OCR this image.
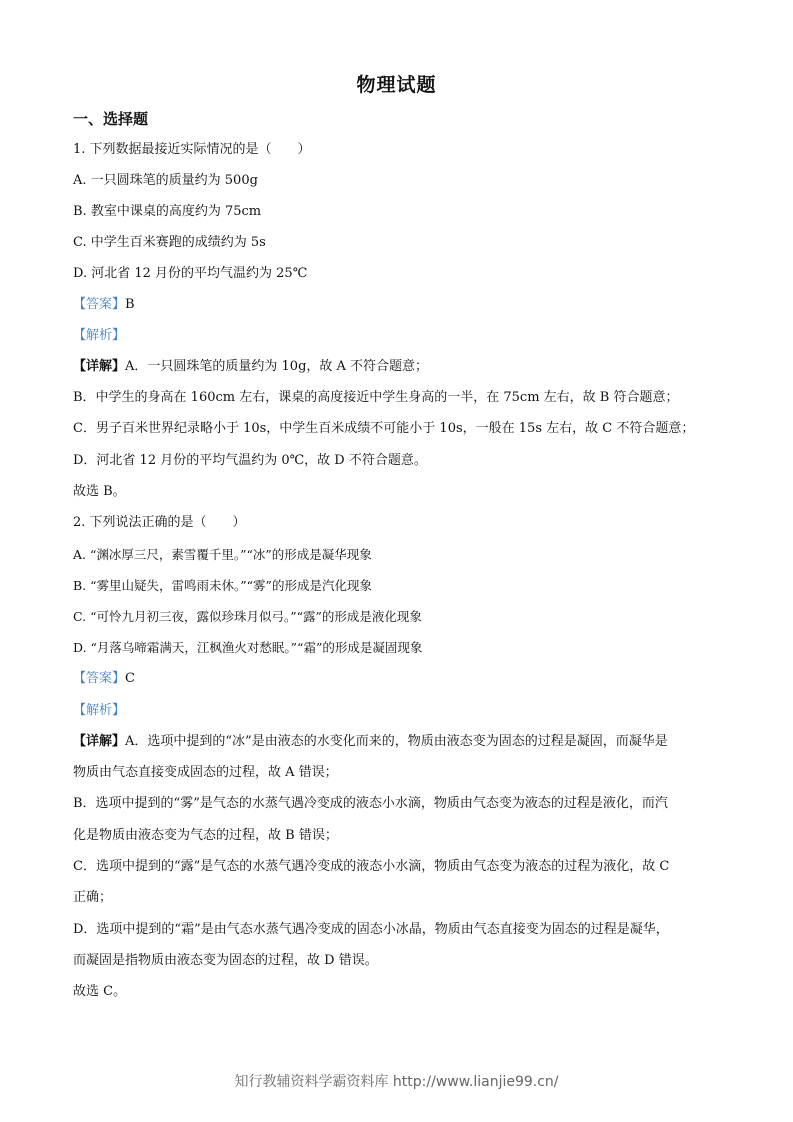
物理试题
一、选择题
1. 下列数据最接近实际情况的是（　　）
A. 一只圆珠笔的质量约为 500g
B. 教室中课桌的高度约为 75cm
C. 中学生百米赛跑的成绩约为 5s
D. 河北省 12 月份的平均气温约为 25℃
【答案】B
【解析】
【详解】A．一只圆珠笔的质量约为 10g，故 A 不符合题意；
B．中学生的身高在 160cm 左右，课桌的高度接近中学生身高的一半，在 75cm 左右，故 B 符合题意；
C．男子百米世界纪录略小于 10s，中学生百米成绩不可能小于 10s，一般在 15s 左右，故 C 不符合题意；
D．河北省 12 月份的平均气温约为 0℃，故 D 不符合题意。
故选 B。
2. 下列说法正确的是（　　）
A. “渊冰厚三尺，素雪覆千里。”“冰”的形成是凝华现象
B. “雾里山疑失，雷鸣雨未休。”“雾”的形成是汽化现象
C. “可怜九月初三夜，露似珍珠月似弓。”“露”的形成是液化现象
D. “月落乌啼霜满天，江枫渔火对愁眠。”“霜”的形成是凝固现象
【答案】C
【解析】
【详解】A．选项中提到的“冰”是由液态的水变化而来的，物质由液态变为固态的过程是凝固，而凝华是
物质由气态直接变成固态的过程，故 A 错误；
B．选项中提到的“雾”是气态的水蒸气遇冷变成的液态小水滴，物质由气态变为液态的过程是液化，而汽
化是物质由液态变为气态的过程，故 B 错误；
C．选项中提到的“露”是气态的水蒸气遇冷变成的液态小水滴，物质由气态变为液态的过程为液化，故 C
正确；
D．选项中提到的“霜”是由气态水蒸气遇冷变成的固态小冰晶，物质由气态直接变为固态的过程是凝华，
而凝固是指物质由液态变为固态的过程，故 D 错误。
故选 C。
知行教辅资料学霸资料库 http://www.lianjie99.cn/
